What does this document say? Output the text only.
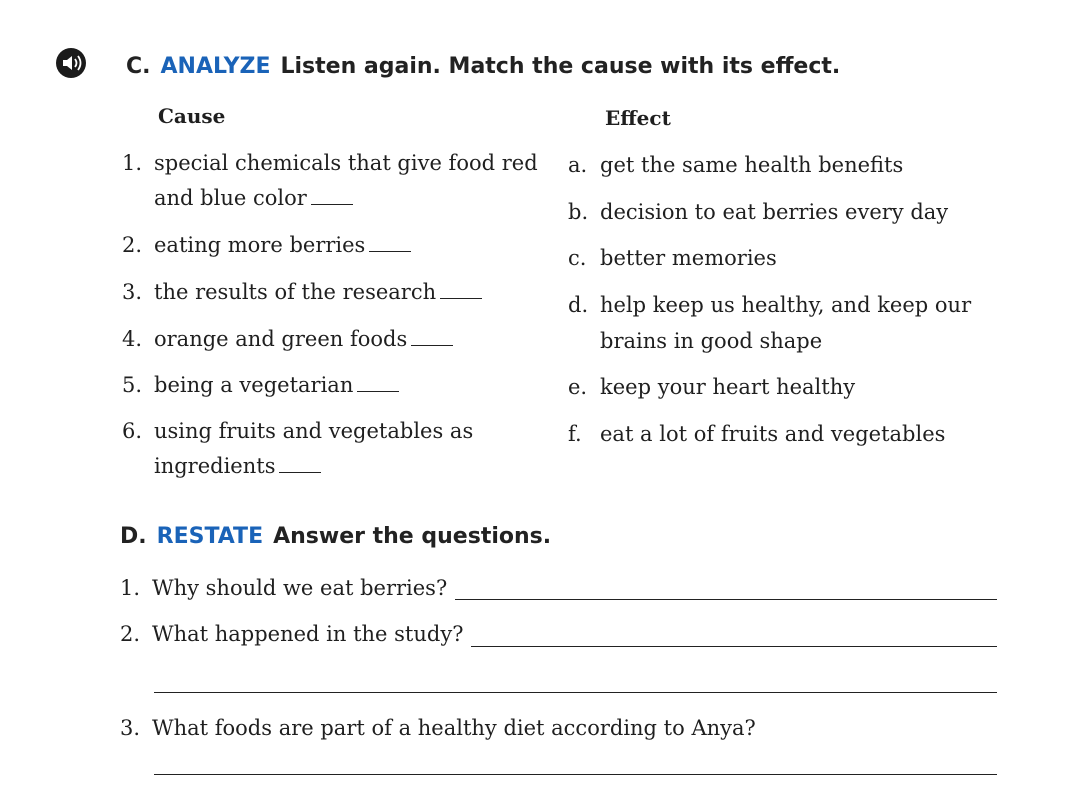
C. ANALYZE Listen again. Match the cause with its effect.
Cause	Effect
1. special chemicals that give food red
and blue color
2. eating more berries
3. the results of the research
4. orange and green foods
5. being a vegetarian
6. using fruits and vegetables as
ingredients
a. get the same health benefits
b. decision to eat berries every day
c. better memories
d. help keep us healthy, and keep our
brains in good shape
e. keep your heart healthy
f. eat a lot of fruits and vegetables
D. RESTATE Answer the questions.
1. Why should we eat berries?
2. What happened in the study?
3. What foods are part of a healthy diet according to Anya?
